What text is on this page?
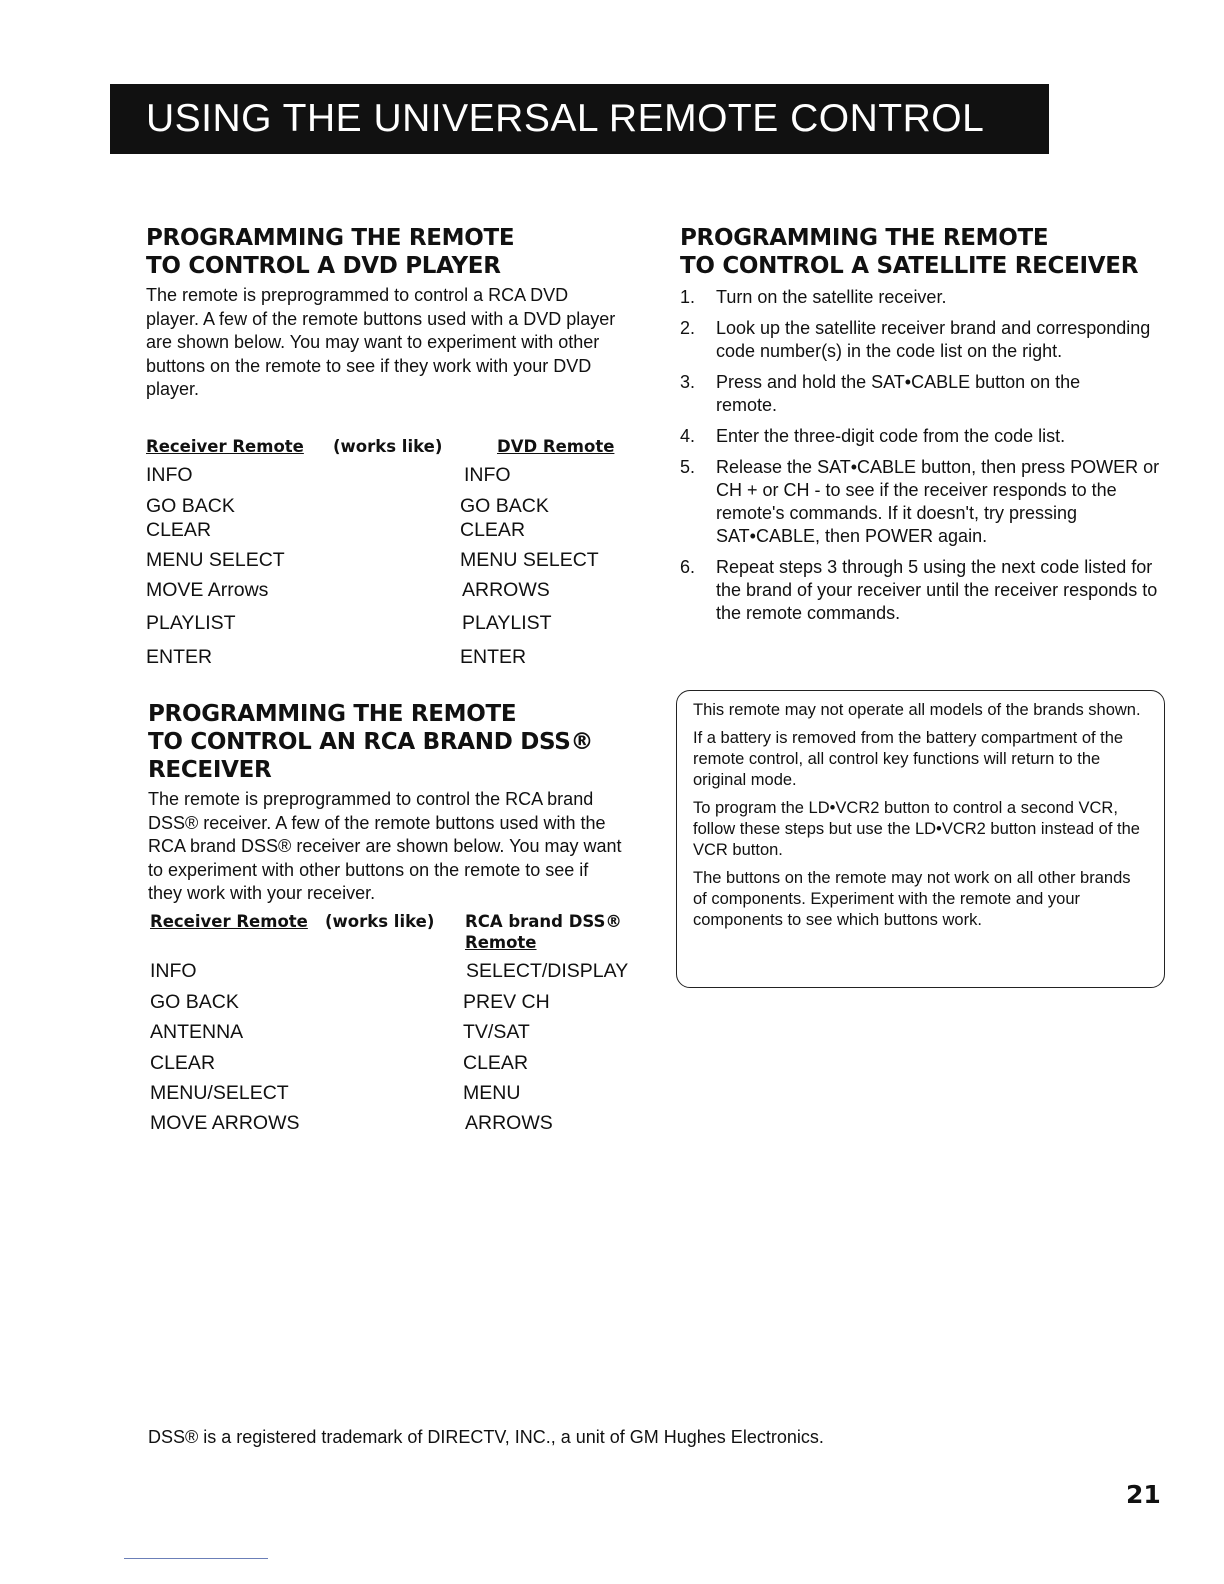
USING THE UNIVERSAL REMOTE CONTROL
PROGRAMMING THE REMOTE
TO CONTROL A DVD PLAYER

The remote is preprogrammed to control a RCA DVD player. A few of the remote buttons used with a DVD player are shown below. You may want to experiment with other buttons on the remote to see if they work with your DVD player.

Receiver Remote (works like)	DVD Remote
INFO	INFO
GO BACK	GO BACK
CLEAR	CLEAR
MENU SELECT	MENU SELECT
MOVE Arrows	ARROWS
PLAYLIST	PLAYLIST
ENTER	ENTER
PROGRAMMING THE REMOTE
TO CONTROL AN RCA BRAND DSS®
RECEIVER

The remote is preprogrammed to control the RCA brand DSS® receiver. A few of the remote buttons used with the RCA brand DSS® receiver are shown below. You may want to experiment with other buttons on the remote to see if they work with your receiver.

Receiver Remote (works like) RCA brand DSS®
Remote
INFO	SELECT/DISPLAY
GO BACK	PREV CH
ANTENNA	TV/SAT
CLEAR	CLEAR
MENU/SELECT	MENU
MOVE ARROWS	ARROWS
PROGRAMMING THE REMOTE
TO CONTROL A SATELLITE RECEIVER
1. Turn on the satellite receiver.
2. Look up the satellite receiver brand and corresponding code number(s) in the code list on the right.
3. Press and hold the SAT•CABLE button on the remote.
4. Enter the three-digit code from the code list.
5. Release the SAT•CABLE button, then press POWER or CH + or CH - to see if the receiver responds to the remote's commands. If it doesn't, try pressing SAT•CABLE, then POWER again.
6. Repeat steps 3 through 5 using the next code listed for the brand of your receiver until the receiver responds to the remote commands.

This remote may not operate all models of the brands shown.

If a battery is removed from the battery compartment of the remote control, all control key functions will return to the original mode.

To program the LD•VCR2 button to control a second VCR, follow these steps but use the LD•VCR2 button instead of the VCR button.

The buttons on the remote may not work on all other brands of components. Experiment with the remote and your components to see which buttons work.

DSS® is a registered trademark of DIRECTV, INC., a unit of GM Hughes Electronics.
21
